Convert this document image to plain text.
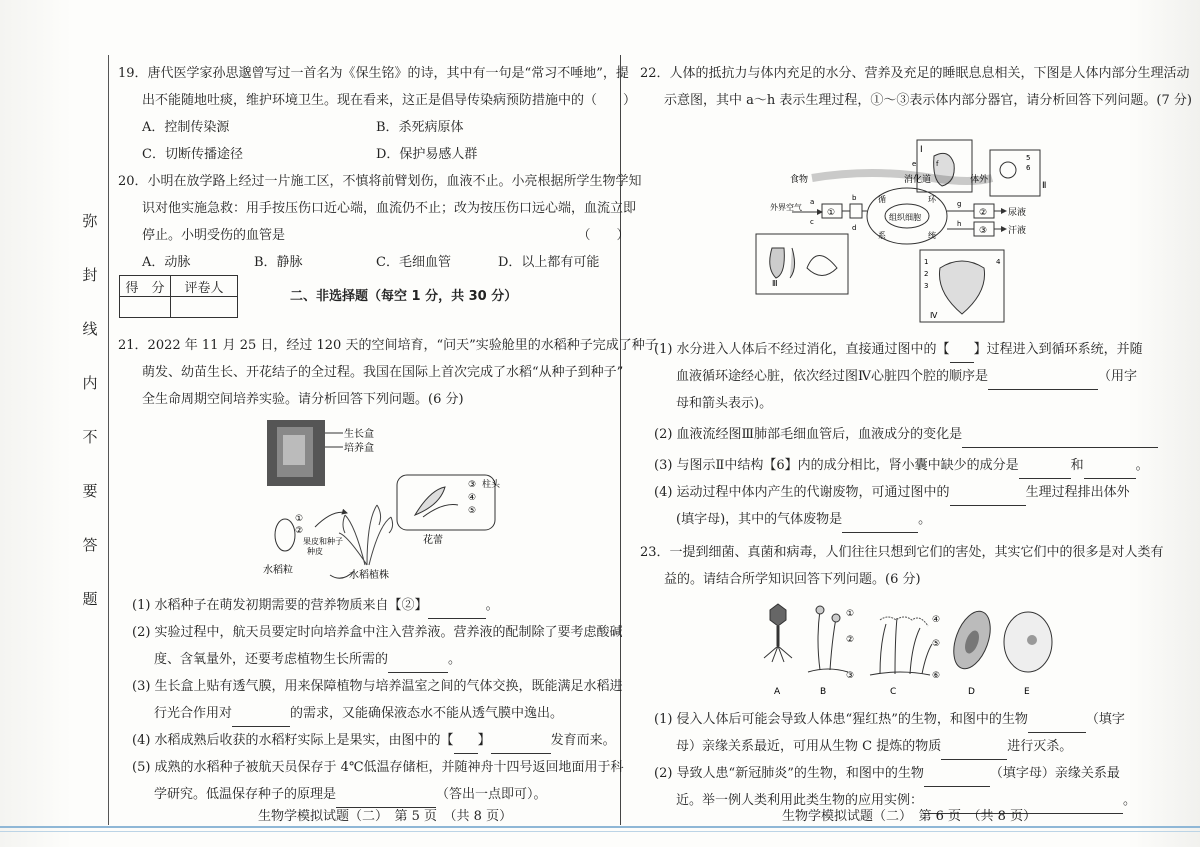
弥
封
线
内
不
要
答
题
19．唐代医学家孙思邈曾写过一首名为《保生铭》的诗，其中有一句是“常习不唾地”，提
出不能随地吐痰，维护环境卫生。现在看来，这正是倡导传染病预防措施中的（　　）
A．控制传染源	B．杀死病原体
C．切断传播途径	D．保护易感人群
20．小明在放学路上经过一片施工区，不慎将前臂划伤，血液不止。小亮根据所学生物学知
识对他实施急救：用手按压伤口近心端，血流仍不止；改为按压伤口远心端，血流立即
停止。小明受伤的血管是　　　　　　　　　　　　　　　　　　　　　　　（　　）
A．动脉	B．静脉	C．毛细血管	D．以上都有可能
得　分	评卷人

二、非选择题（每空 1 分，共 30 分）
21．2022 年 11 月 25 日，经过 120 天的空间培育，“问天”实验舱里的水稻种子完成了种子
萌发、幼苗生长、开花结子的全过程。我国在国际上首次完成了水稻“从种子到种子”
全生命周期空间培养实验。请分析回答下列问题。(6 分)
生长盒
培养盒
③ 柱头
④
⑤
花蕾
水稻植株
①
②
果皮和种子
种皮
水稻粒
(1) 水稻种子在萌发初期需要的营养物质来自【②】	。
(2) 实验过程中，航天员要定时向培养盒中注入营养液。营养液的配制除了要考虑酸碱
度、含氧量外，还要考虑植物生长所需的	。
(3) 生长盒上贴有透气膜，用来保障植物与培养温室之间的气体交换，既能满足水稻进
行光合作用对	的需求，又能确保液态水不能从透气膜中逸出。
(4) 水稻成熟后收获的水稻籽实际上是果实，由图中的【 】	发育而来。
(5) 成熟的水稻种子被航天员保存于 4℃低温存储柜，并随神舟十四号返回地面用于科
学研究。低温保存种子的原理是	（答出一点即可）。
生物学模拟试题（二）　第 5 页　（共 8 页）
22．人体的抵抗力与体内充足的水分、营养及充足的睡眠息息相关，下图是人体内部分生理活动
示意图，其中 a～h 表示生理过程，①～③表示体内部分器官，请分析回答下列问题。(7 分)
Ⅰ
食物	消化道	体外
Ⅱ
5
6
组织细胞
循	环
系	统
外界空气
①
a
c
b
d
② 尿液
③ 汗液
g
h
e	f
Ⅲ
1
2
3
4
Ⅳ
(1) 水分进入人体后不经过消化，直接通过图中的【 】过程进入到循环系统，并随
血液循环途经心脏，依次经过图Ⅳ心脏四个腔的顺序是	（用字
母和箭头表示)。
(2) 血液流经图Ⅲ肺部毛细血管后，血液成分的变化是
(3) 与图示Ⅱ中结构【6】内的成分相比，肾小囊中缺少的成分是	和	。
(4) 运动过程中体内产生的代谢废物，可通过图中的	生理过程排出体外
(填字母)，其中的气体废物是	。
23．一提到细菌、真菌和病毒，人们往往只想到它们的害处，其实它们中的很多是对人类有
益的。请结合所学知识回答下列问题。(6 分)
A
①
②
③
B
④
⑤
⑥
C	D	E
(1) 侵入人体后可能会导致人体患“猩红热”的生物，和图中的生物	（填字
母）亲缘关系最近，可用从生物 C 提炼的物质	进行灭杀。
(2) 导致人患“新冠肺炎”的生物，和图中的生物	（填字母）亲缘关系最
近。举一例人类利用此类生物的应用实例：	。
生物学模拟试题（二）　第 6 页　（共 8 页）
